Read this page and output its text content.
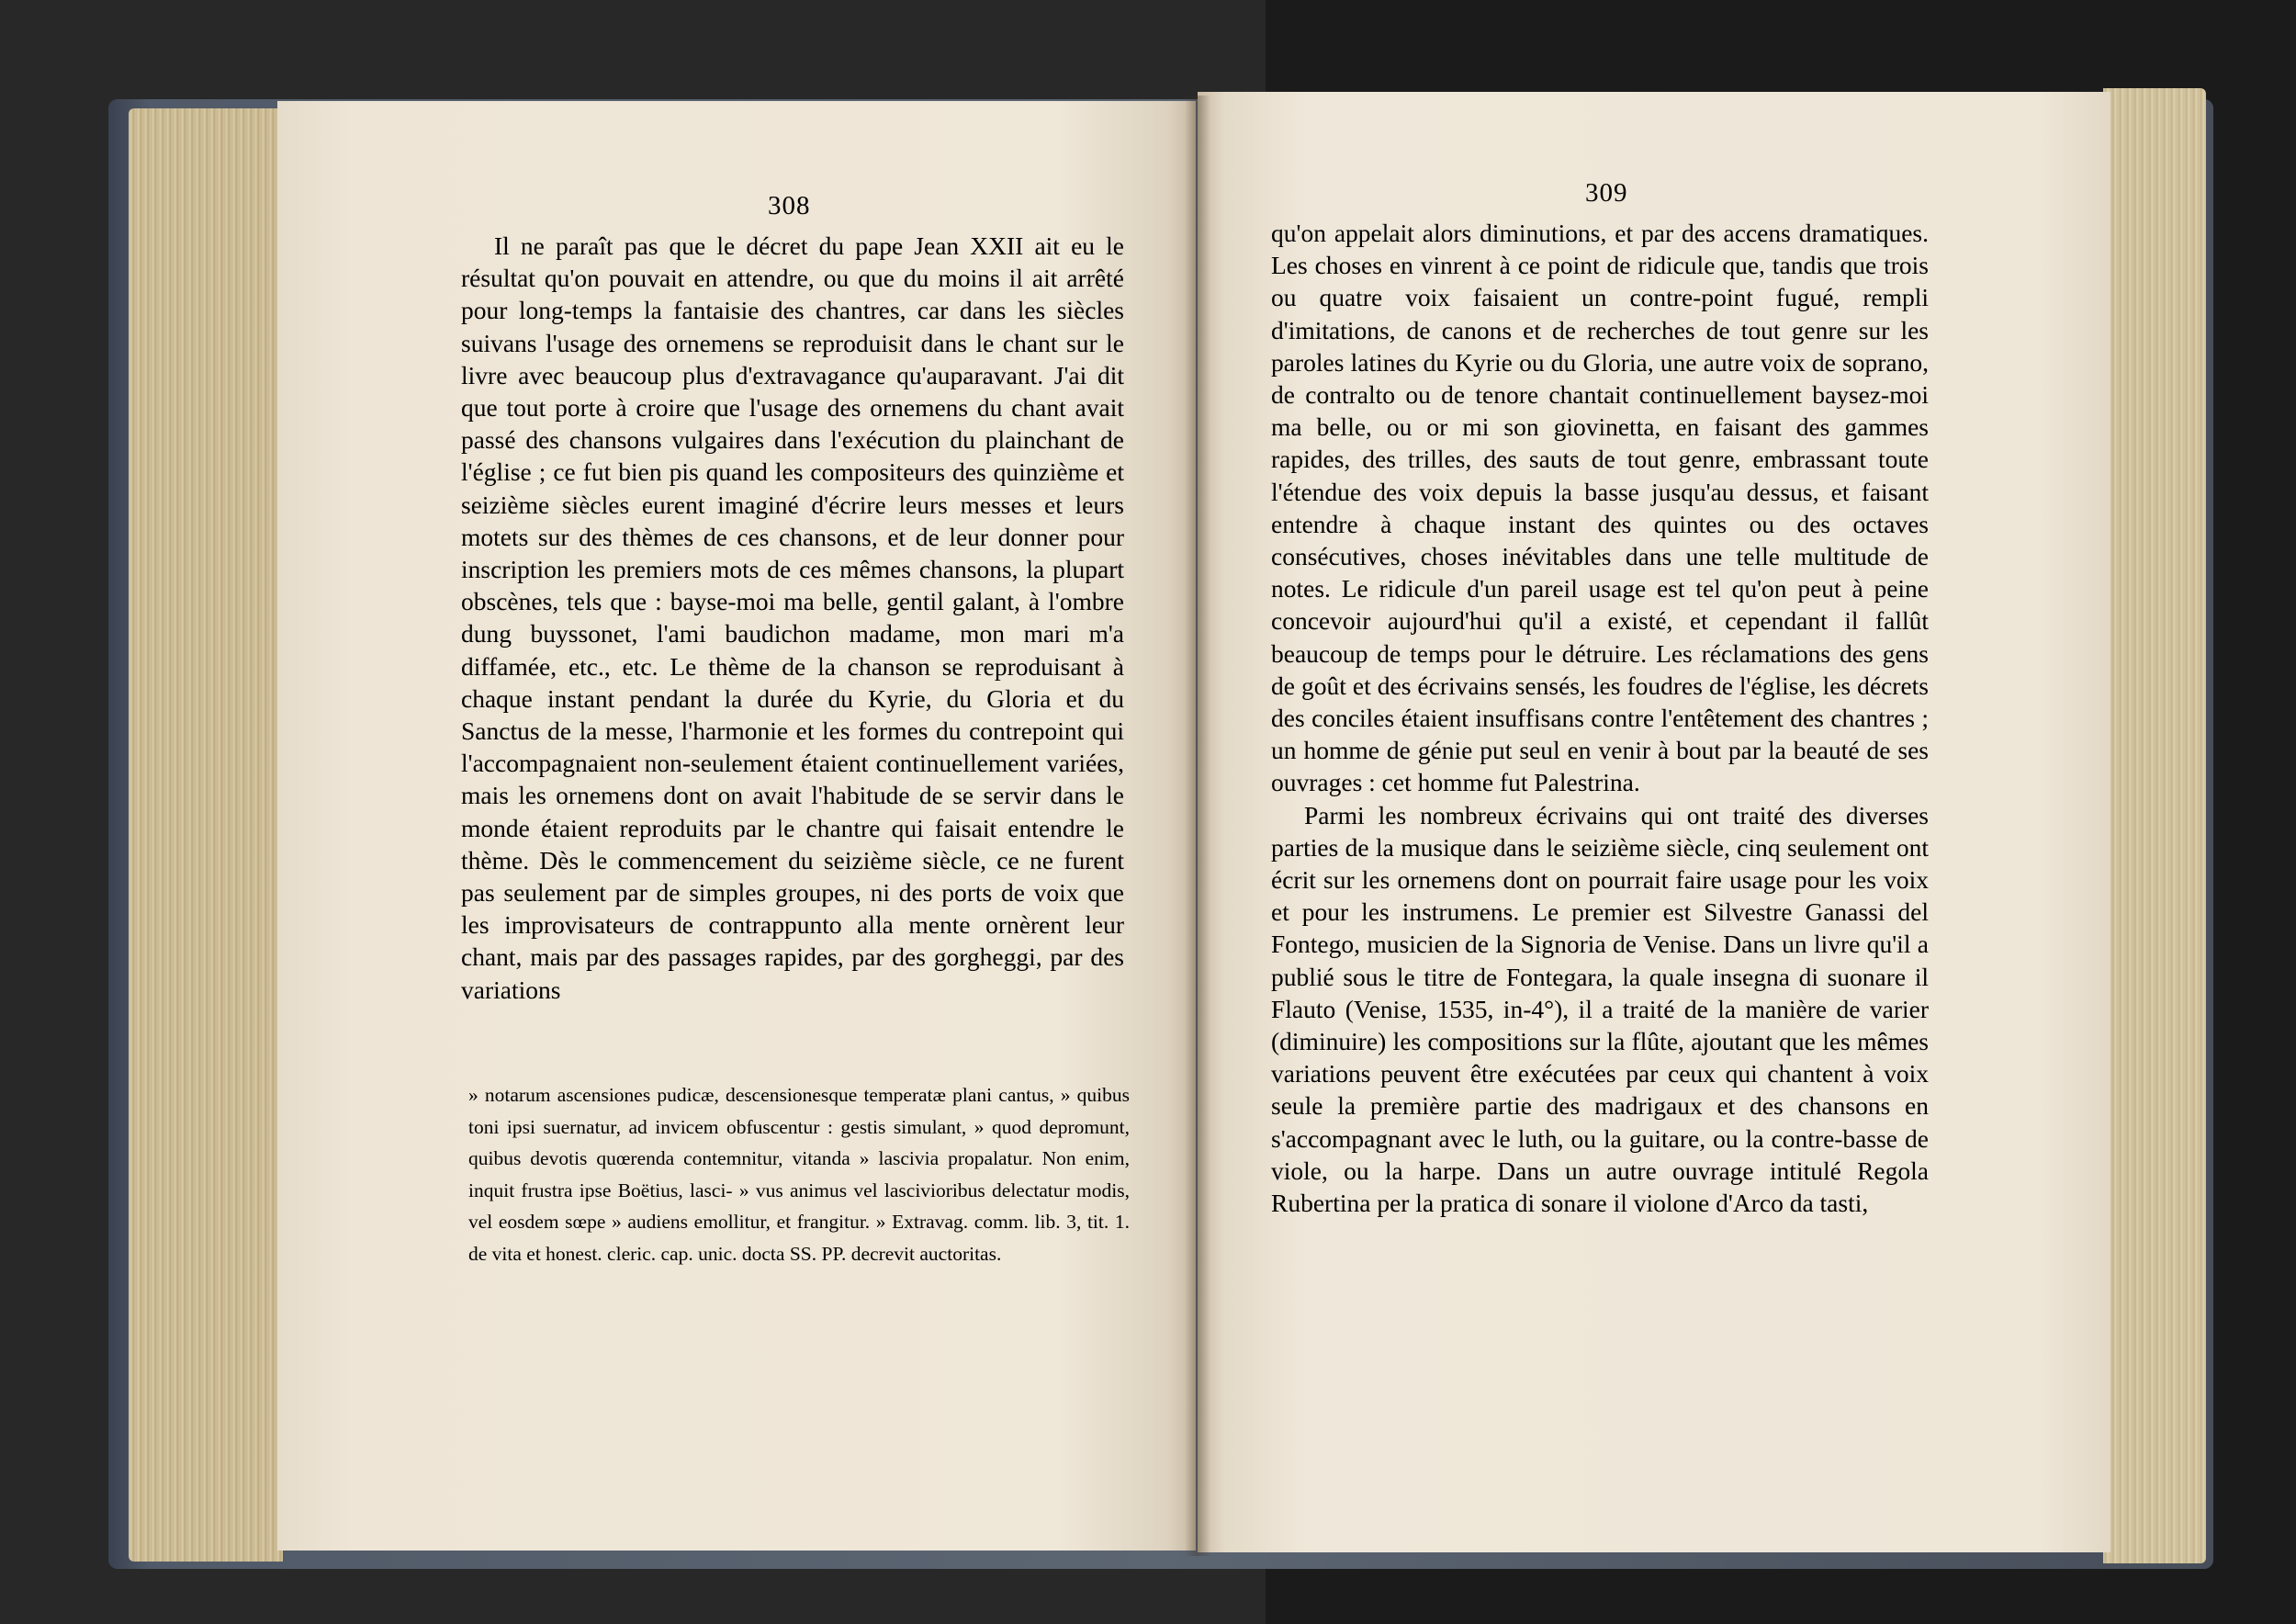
308

Il ne paraît pas que le décret du pape Jean XXII ait eu le résultat qu'on pouvait en attendre, ou que du moins il ait arrêté pour long-temps la fantaisie des chantres, car dans les siècles suivans l'usage des ornemens se reproduisit dans le chant sur le livre avec beaucoup plus d'extravagance qu'auparavant. J'ai dit que tout porte à croire que l'usage des ornemens du chant avait passé des chansons vulgaires dans l'exécution du plainchant de l'église ; ce fut bien pis quand les compositeurs des quinzième et seizième siècles eurent imaginé d'écrire leurs messes et leurs motets sur des thèmes de ces chansons, et de leur donner pour inscription les premiers mots de ces mêmes chansons, la plupart obscènes, tels que : bayse-moi ma belle, gentil galant, à l'ombre dung buyssonet, l'ami baudichon madame, mon mari m'a diffamée, etc., etc. Le thème de la chanson se reproduisant à chaque instant pendant la durée du Kyrie, du Gloria et du Sanctus de la messe, l'harmonie et les formes du contrepoint qui l'accompagnaient non-seulement étaient continuellement variées, mais les ornemens dont on avait l'habitude de se servir dans le monde étaient reproduits par le chantre qui faisait entendre le thème. Dès le commencement du seizième siècle, ce ne furent pas seulement par de simples groupes, ni des ports de voix que les improvisateurs de contrappunto alla mente ornèrent leur chant, mais par des passages rapides, par des gorgheggi, par des variations

» notarum ascensiones pudicæ, descensionesque temperatæ plani cantus, » quibus toni ipsi suernatur, ad invicem obfuscentur : gestis simulant, » quod depromunt, quibus devotis quœrenda contemnitur, vitanda » lascivia propalatur. Non enim, inquit frustra ipse Boëtius, lasci- » vus animus vel lascivioribus delectatur modis, vel eosdem sœpe » audiens emollitur, et frangitur. » Extravag. comm. lib. 3, tit. 1. de vita et honest. cleric. cap. unic. docta SS. PP. decrevit auctoritas.

309

qu'on appelait alors diminutions, et par des accens dramatiques. Les choses en vinrent à ce point de ridicule que, tandis que trois ou quatre voix faisaient un contre-point fugué, rempli d'imitations, de canons et de recherches de tout genre sur les paroles latines du Kyrie ou du Gloria, une autre voix de soprano, de contralto ou de tenore chantait continuellement baysez-moi ma belle, ou or mi son giovinetta, en faisant des gammes rapides, des trilles, des sauts de tout genre, embrassant toute l'étendue des voix depuis la basse jusqu'au dessus, et faisant entendre à chaque instant des quintes ou des octaves consécutives, choses inévitables dans une telle multitude de notes. Le ridicule d'un pareil usage est tel qu'on peut à peine concevoir aujourd'hui qu'il a existé, et cependant il fallût beaucoup de temps pour le détruire. Les réclamations des gens de goût et des écrivains sensés, les foudres de l'église, les décrets des conciles étaient insuffisans contre l'entêtement des chantres ; un homme de génie put seul en venir à bout par la beauté de ses ouvrages : cet homme fut Palestrina.

Parmi les nombreux écrivains qui ont traité des diverses parties de la musique dans le seizième siècle, cinq seulement ont écrit sur les ornemens dont on pourrait faire usage pour les voix et pour les instrumens. Le premier est Silvestre Ganassi del Fontego, musicien de la Signoria de Venise. Dans un livre qu'il a publié sous le titre de Fontegara, la quale insegna di suonare il Flauto (Venise, 1535, in-4°), il a traité de la manière de varier (diminuire) les compositions sur la flûte, ajoutant que les mêmes variations peuvent être exécutées par ceux qui chantent à voix seule la première partie des madrigaux et des chansons en s'accompagnant avec le luth, ou la guitare, ou la contre-basse de viole, ou la harpe. Dans un autre ouvrage intitulé Regola Rubertina per la pratica di sonare il violone d'Arco da tasti,
